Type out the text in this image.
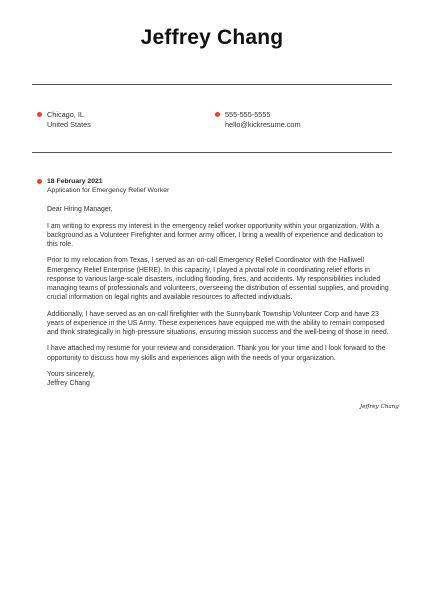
Jeffrey Chang
Chicago, IL
United States
555-555-5555
hello@kickresume.com
18 February 2021
Application for Emergency Relief Worker

Dear Hiring Manager,

I am writing to express my interest in the emergency relief worker opportunity within your organization. With a background as a Volunteer Firefighter and former army officer, I bring a wealth of experience and dedication to this role.

Prior to my relocation from Texas, I served as an on-call Emergency Relief Coordinator with the Halliwell Emergency Relief Enterprise (HERE). In this capacity, I played a pivotal role in coordinating relief efforts in response to various large-scale disasters, including flooding, fires, and accidents. My responsibilities included managing teams of professionals and volunteers, overseeing the distribution of essential supplies, and providing crucial information on legal rights and available resources to affected individuals.

Additionally, I have served as an on-call firefighter with the Sunnybank Township Volunteer Corp and have 23 years of experience in the US Army. These experiences have equipped me with the ability to remain composed and think strategically in high-pressure situations, ensuring mission success and the well-being of those in need.

I have attached my resume for your review and consideration. Thank you for your time and I look forward to the opportunity to discuss how my skills and experiences align with the needs of your organization.

Yours sincerely,
Jeffrey Chang
Jeffrey Chang
